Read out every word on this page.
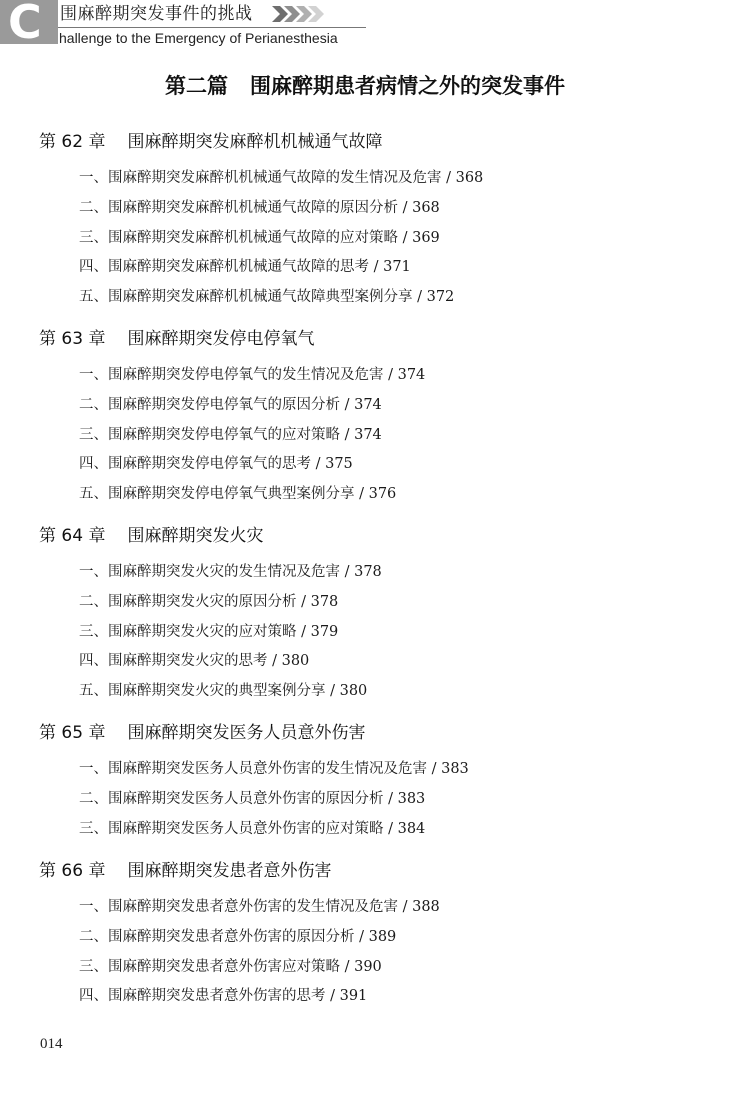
C 围麻醉期突发事件的挑战
hallenge to the Emergency of Perianesthesia
第二篇 围麻醉期患者病情之外的突发事件
第 62 章 围麻醉期突发麻醉机机械通气故障
一、围麻醉期突发麻醉机机械通气故障的发生情况及危害 / 368
二、围麻醉期突发麻醉机机械通气故障的原因分析 / 368
三、围麻醉期突发麻醉机机械通气故障的应对策略 / 369
四、围麻醉期突发麻醉机机械通气故障的思考 / 371
五、围麻醉期突发麻醉机机械通气故障典型案例分享 / 372
第 63 章 围麻醉期突发停电停氧气
一、围麻醉期突发停电停氧气的发生情况及危害 / 374
二、围麻醉期突发停电停氧气的原因分析 / 374
三、围麻醉期突发停电停氧气的应对策略 / 374
四、围麻醉期突发停电停氧气的思考 / 375
五、围麻醉期突发停电停氧气典型案例分享 / 376
第 64 章 围麻醉期突发火灾
一、围麻醉期突发火灾的发生情况及危害 / 378
二、围麻醉期突发火灾的原因分析 / 378
三、围麻醉期突发火灾的应对策略 / 379
四、围麻醉期突发火灾的思考 / 380
五、围麻醉期突发火灾的典型案例分享 / 380
第 65 章 围麻醉期突发医务人员意外伤害
一、围麻醉期突发医务人员意外伤害的发生情况及危害 / 383
二、围麻醉期突发医务人员意外伤害的原因分析 / 383
三、围麻醉期突发医务人员意外伤害的应对策略 / 384
第 66 章 围麻醉期突发患者意外伤害
一、围麻醉期突发患者意外伤害的发生情况及危害 / 388
二、围麻醉期突发患者意外伤害的原因分析 / 389
三、围麻醉期突发患者意外伤害应对策略 / 390
四、围麻醉期突发患者意外伤害的思考 / 391
014
